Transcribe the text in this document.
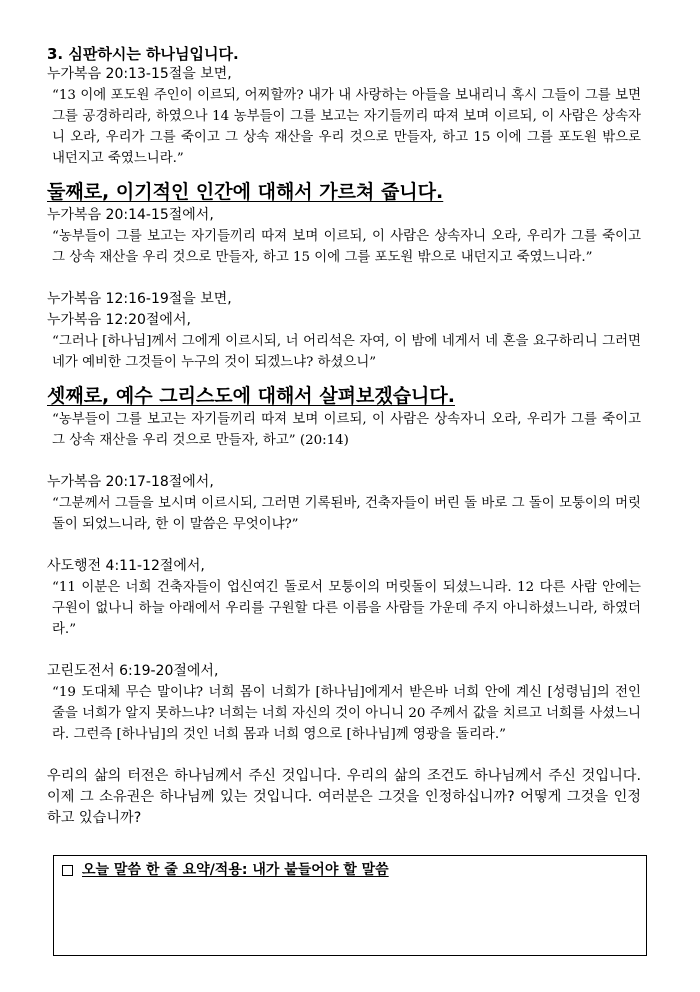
3. 심판하시는 하나님입니다.

누가복음 20:13-15절을 보면,

“13 이에 포도원 주인이 이르되, 어찌할까? 내가 내 사랑하는 아들을 보내리니 혹시 그들이 그를 보면 그를 공경하리라, 하였으나 14 농부들이 그를 보고는 자기들끼리 따져 보며 이르되, 이 사람은 상속자니 오라, 우리가 그를 죽이고 그 상속 재산을 우리 것으로 만들자, 하고 15 이에 그를 포도원 밖으로 내던지고 죽였느니라.”

둘째로, 이기적인 인간에 대해서 가르쳐 줍니다.

누가복음 20:14-15절에서,

“농부들이 그를 보고는 자기들끼리 따져 보며 이르되, 이 사람은 상속자니 오라, 우리가 그를 죽이고 그 상속 재산을 우리 것으로 만들자, 하고 15 이에 그를 포도원 밖으로 내던지고 죽였느니라.”

누가복음 12:16-19절을 보면,

누가복음 12:20절에서,

“그러나 [하나님]께서 그에게 이르시되, 너 어리석은 자여, 이 밤에 네게서 네 혼을 요구하리니 그러면 네가 예비한 그것들이 누구의 것이 되겠느냐? 하셨으니”

셋째로, 예수 그리스도에 대해서 살펴보겠습니다.

“농부들이 그를 보고는 자기들끼리 따져 보며 이르되, 이 사람은 상속자니 오라, 우리가 그를 죽이고 그 상속 재산을 우리 것으로 만들자, 하고” (20:14)

누가복음 20:17-18절에서,

“그분께서 그들을 보시며 이르시되, 그러면 기록된바, 건축자들이 버린 돌 바로 그 돌이 모퉁이의 머릿돌이 되었느니라, 한 이 말씀은 무엇이냐?”

사도행전 4:11-12절에서,

“11 이분은 너희 건축자들이 업신여긴 돌로서 모퉁이의 머릿돌이 되셨느니라. 12 다른 사람 안에는 구원이 없나니 하늘 아래에서 우리를 구원할 다른 이름을 사람들 가운데 주지 아니하셨느니라, 하였더라.”

고린도전서 6:19-20절에서,

“19 도대체 무슨 말이냐? 너희 몸이 너희가 [하나님]에게서 받은바 너희 안에 계신 [성령님]의 전인 줄을 너희가 알지 못하느냐? 너희는 너희 자신의 것이 아니니 20 주께서 값을 치르고 너희를 사셨느니라. 그런즉 [하나님]의 것인 너희 몸과 너희 영으로 [하나님]께 영광을 돌리라.”

우리의 삶의 터전은 하나님께서 주신 것입니다. 우리의 삶의 조건도 하나님께서 주신 것입니다. 이제 그 소유권은 하나님께 있는 것입니다. 여러분은 그것을 인정하십니까? 어떻게 그것을 인정하고 있습니까?

오늘 말씀 한 줄 요약/적용: 내가 붙들어야 할 말씀
